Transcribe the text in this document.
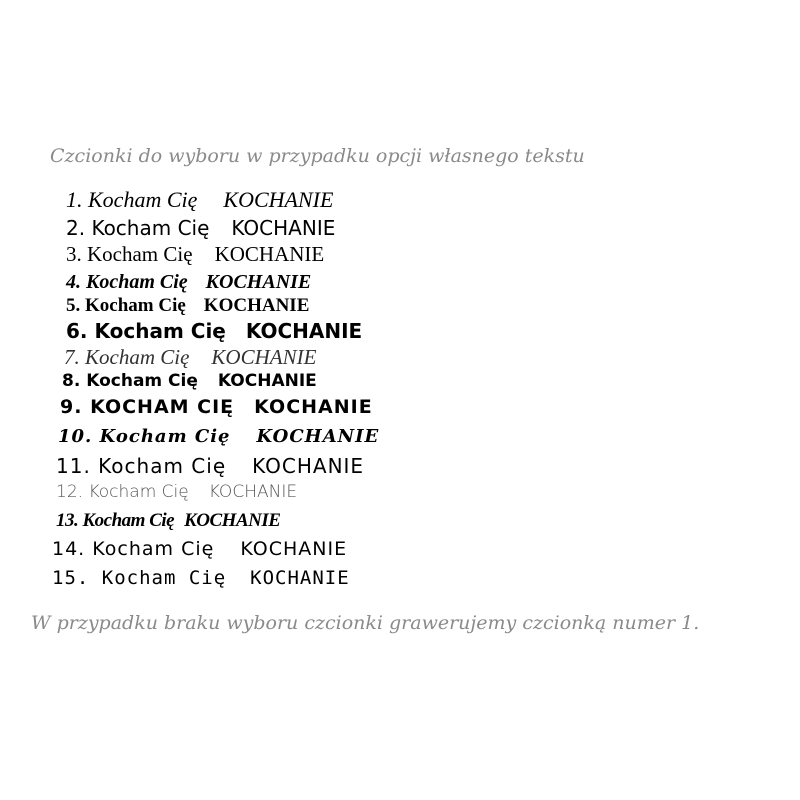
Czcionki do wyboru w przypadku opcji własnego tekstu
1. Kocham Cię KOCHANIE
2. Kocham Cię KOCHANIE
3. Kocham Cię KOCHANIE
4. Kocham Cię KOCHANIE
5. Kocham Cię KOCHANIE
6. Kocham Cię KOCHANIE
7. Kocham Cię KOCHANIE
8. Kocham Cię KOCHANIE
9. KOCHAM CIĘ KOCHANIE
10. Kocham Cię KOCHANIE
11. Kocham Cię KOCHANIE
12. Kocham Cię KOCHANIE
13. Kocham Cię KOCHANIE
14. Kocham Cię KOCHANIE
15. Kocham Cię KOCHANIE
W przypadku braku wyboru czcionki grawerujemy czcionką numer 1.
